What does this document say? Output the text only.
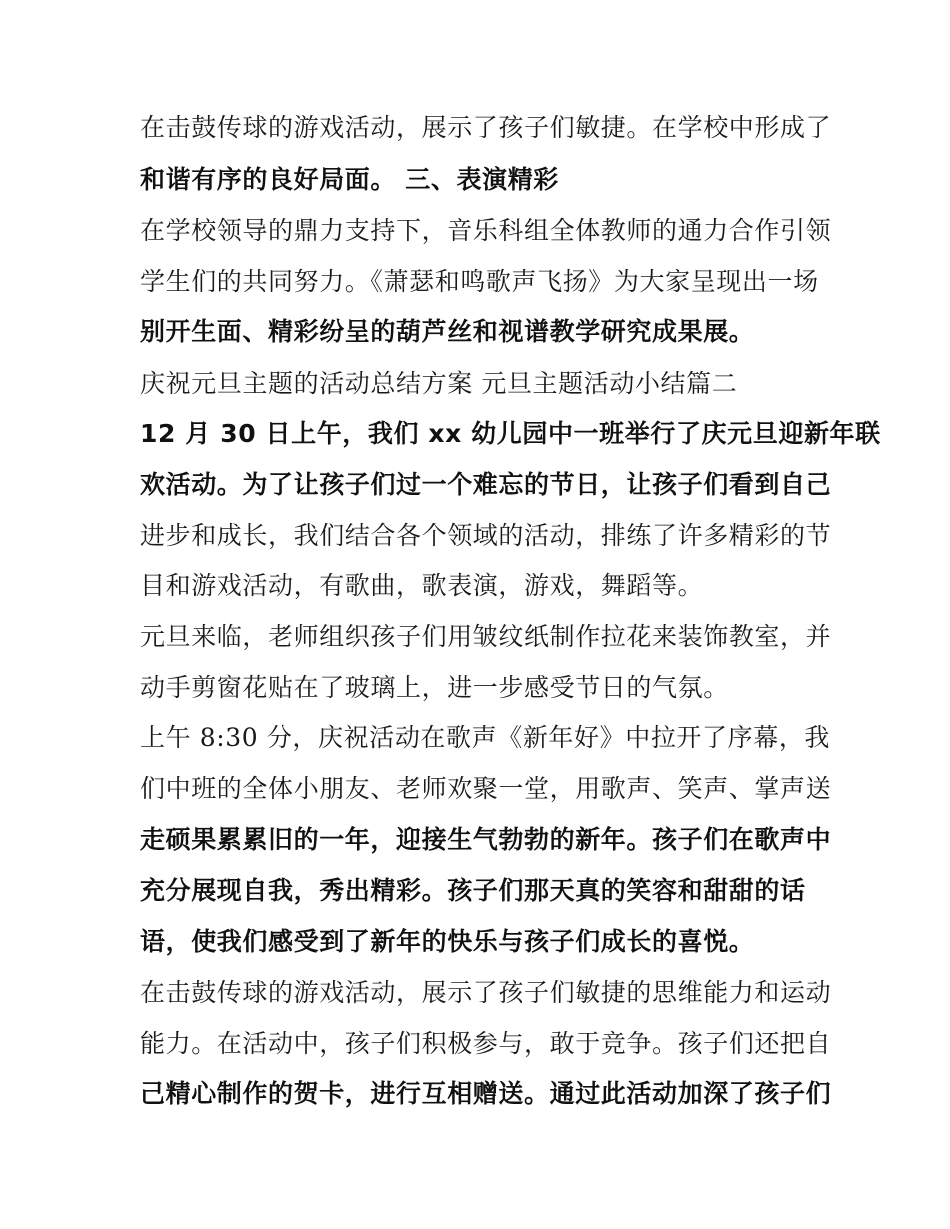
在击鼓传球的游戏活动，展示了孩子们敏捷。在学校中形成了
和谐有序的良好局面。 三、表演精彩
在学校领导的鼎力支持下，音乐科组全体教师的通力合作引领
学生们的共同努力。《萧瑟和鸣歌声飞扬》为大家呈现出一场
别开生面、精彩纷呈的葫芦丝和视谱教学研究成果展。
庆祝元旦主题的活动总结方案 元旦主题活动小结篇二
12 月 30 日上午，我们 xx 幼儿园中一班举行了庆元旦迎新年联
欢活动。为了让孩子们过一个难忘的节日，让孩子们看到自己
进步和成长，我们结合各个领域的活动，排练了许多精彩的节
目和游戏活动，有歌曲，歌表演，游戏，舞蹈等。
元旦来临，老师组织孩子们用皱纹纸制作拉花来装饰教室，并
动手剪窗花贴在了玻璃上，进一步感受节日的气氛。
上午 8:30 分，庆祝活动在歌声《新年好》中拉开了序幕，我
们中班的全体小朋友、老师欢聚一堂，用歌声、笑声、掌声送
走硕果累累旧的一年，迎接生气勃勃的新年。孩子们在歌声中
充分展现自我，秀出精彩。孩子们那天真的笑容和甜甜的话
语，使我们感受到了新年的快乐与孩子们成长的喜悦。
在击鼓传球的游戏活动，展示了孩子们敏捷的思维能力和运动
能力。在活动中，孩子们积极参与，敢于竞争。孩子们还把自
己精心制作的贺卡，进行互相赠送。通过此活动加深了孩子们
